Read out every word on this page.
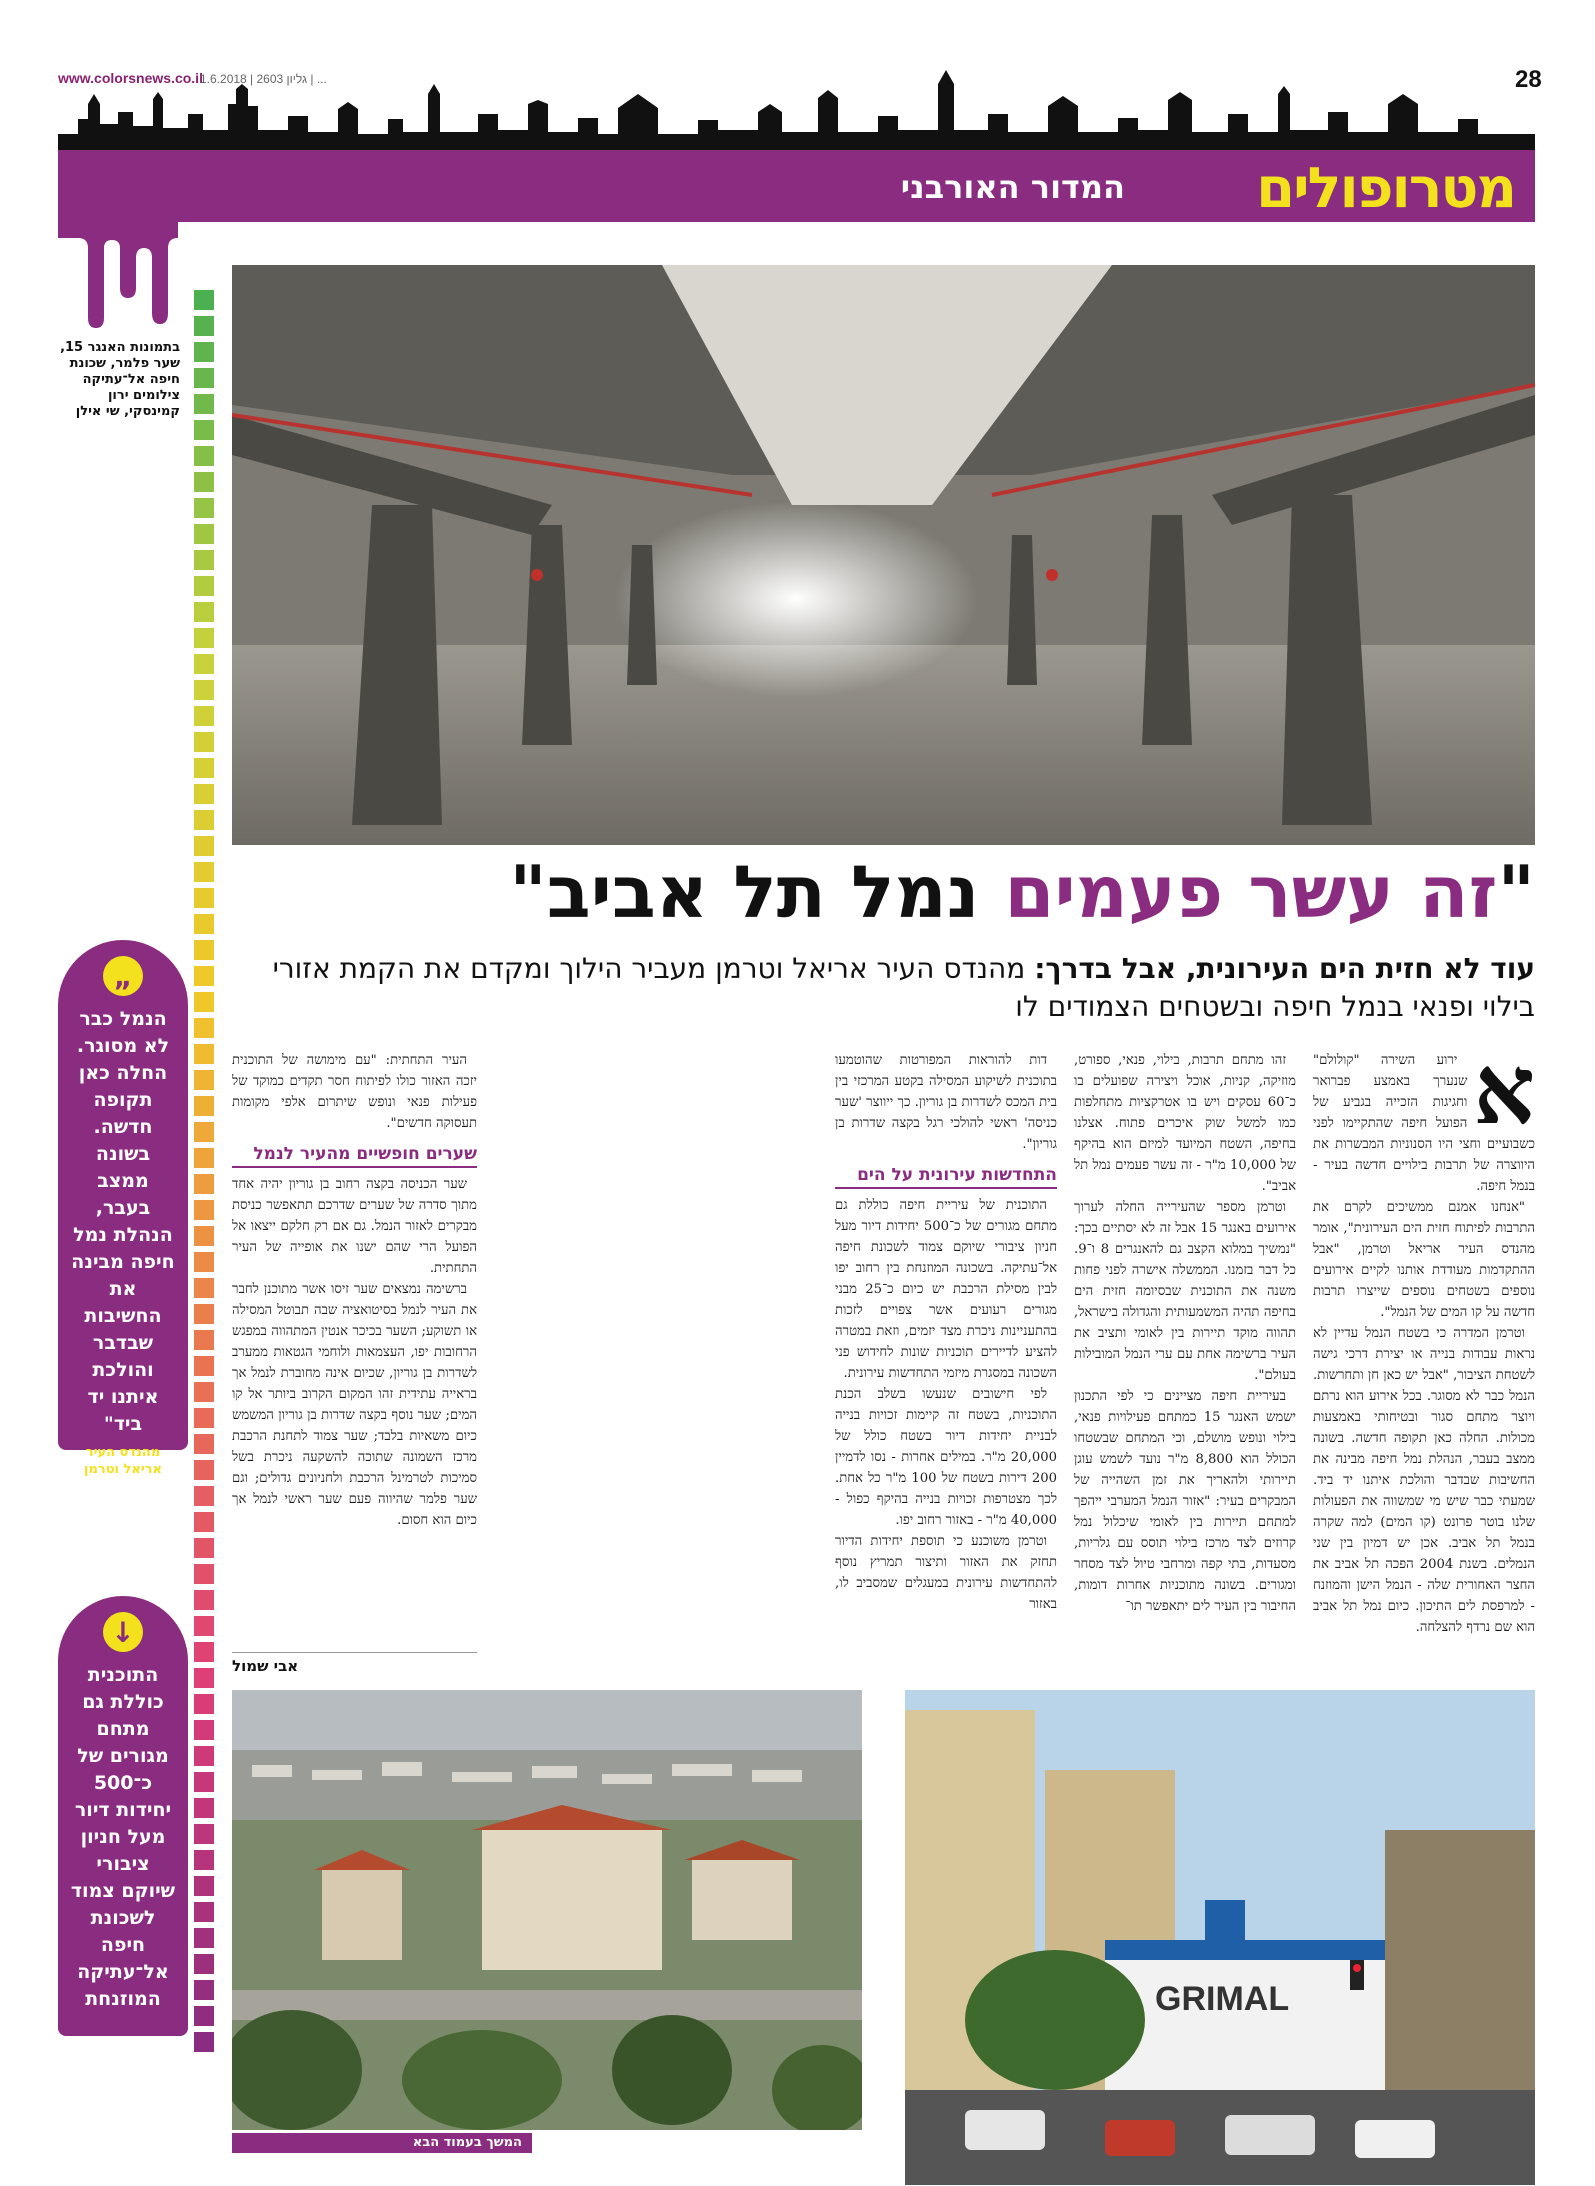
www.colorsnews.co.il
1.6.2018 | גליון 2603 | ...	28
מטרופולים
המדור האורבני
בתמונות האנגר 15, שער פלמר, שכונת חיפה אל־עתיקה צילומים ירון קמינסקי, שי אילן
"זה עשר פעמים נמל תל אביב"
עוד לא חזית הים העירונית, אבל בדרך: מהנדס העיר אריאל וטרמן מעביר הילוך ומקדם את הקמת אזורי בילוי ופנאי בנמל חיפה ובשטחים הצמודים לו
א

ירוע השירה "קולולם" שנערך באמצע פברואר וחגיגות הזכייה בגביע של הפועל חיפה שהתקיימו לפני כשבועיים וחצי היו הסנוניות המבשרות את היווצרה של תרבות בילויים חדשה בעיר - בנמל חיפה.

"אנחנו אמנם ממשיכים לקרם את התרבות לפיתוח חזית הים העירונית", אומר מהנדס העיר אריאל וטרמן, "אבל ההתקדמות מעודדת אותנו לקיים אירועים נוספים בשטחים נוספים שייצרו תרבות חדשה על קו המים של הנמל".

וטרמן המדרה כי בשטח הנמל עדיין לא נראות עבודות בנייה או יצירת דרכי גישה לשטחת הציבור, "אבל יש כאן חן ותחרשות. הנמל כבר לא מסוגר. בכל אירוע הוא נרתם ויוצר מתחם סגור ובטיחותי באמצעות מכולות. החלה כאן תקופה חדשה. בשונה ממצב בעבר, הנהלת נמל חיפה מבינה את החשיבות שבדבר והולכת איתנו יד ביד. שמעתי כבר שיש מי שמשווה את הפעולות שלנו בוטר פרונט (קו המים) למה שקרה בנמל תל אביב. אכן יש דמיון בין שני הנמלים. בשנת 2004 הפכה תל אביב את החצר האחורית שלה - הנמל הישן והמוזנח - למרפסת לים התיכון. כיום נמל תל אביב הוא שם נרדף להצלחה.

זהו מתחם תרבות, בילוי, פנאי, ספורט, מוזיקה, קניות, אוכל ויצירה שפועלים בו כ־60 עסקים ויש בו אטרקציות מתחלפות כמו למשל שוק איכרים פתוח. אצלנו בחיפה, השטח המיועד למיזם הוא בהיקף של 10,000 מ"ר - זה עשר פעמים נמל תל אביב".

וטרמן מספר שהעירייה החלה לערוך אירועים באנגר 15 אבל זה לא יסתיים בכך: "נמשיך במלוא הקצב גם להאנגרים 8 ו־9. כל דבר בזמנו. הממשלה אישרה לפני פחות משנה את התוכנית שבסיומה חזית הים בחיפה תהיה המשמעותית והגדולה בישראל, תהווה מוקד תיירות בין לאומי ותציב את העיר ברשימה אחת עם ערי הנמל המובילות בעולם".

בעיריית חיפה מציינים כי לפי התכנון ישמש האנגר 15 כמתחם פעילויות פנאי, בילוי ונופש מושלם, וכי המתחם שבשטחו הכולל הוא 8,800 מ"ר נועד לשמש עוגן תיירותי ולהאריך את זמן השהייה של המבקרים בעיר: "אזור הנמל המערבי ייהפך למתחם תיירות בין לאומי שיכלול נמל קרוזים לצד מרכז בילוי תוסס עם גלריות, מסעדות, בתי קפה ומרחבי טיול לצד מסחר ומגורים. בשונה מתוכניות אחרות דומות, החיבור בין העיר לים יתאפשר תו־

דות להוראות המפורטות שהוטמעו בתוכנית לשיקוע המסילה בקטע המרכזי בין בית המכס לשדרות בן גוריון. כך ייווצר 'שער כניסה' ראשי להולכי רגל בקצה שדרות בן גוריון".

התחדשות עירונית על הים

התוכנית של עיריית חיפה כוללת גם מתחם מגורים של כ־500 יחידות דיור מעל חניון ציבורי שיוקם צמוד לשכונת חיפה אל־עתיקה. בשכונה המוזנחת בין רחוב יפו לבין מסילת הרכבת יש כיום כ־25 מבני מגורים רעועים אשר צפויים לזכות בהתעניינות ניכרת מצד יזמים, וזאת במטרה להציע לדיירים תוכניות שונות לחידוש פני השכונה במסגרת מיזמי התחדשות עירונית.

לפי חישובים שנעשו בשלב הכנת התוכניות, בשטח זה קיימות זכויות בנייה לבניית יחידות דיור בשטח כולל של 20,000 מ"ר. במילים אחרות - נסו לדמיין 200 דירות בשטח של 100 מ"ר כל אחת. לכך מצטרפות זכויות בנייה בהיקף כפול - 40,000 מ"ר - באזור רחוב יפו.

וטרמן משוכנע כי תוספת יחידות הדיור תחזק את האזור ותיצור תמריץ נוסף להתחדשות עירונית במעגלים שמסביב לו, באזור

העיר התחתית: "עם מימושה של התוכנית יזכה האזור כולו לפיתוח חסר תקדים כמוקד של פעילות פנאי ונופש שיתרום אלפי מקומות תעסוקה חדשים".

שערים חופשיים מהעיר לנמל

שער הכניסה בקצה רחוב בן גוריון יהיה אחד מתוך סדרה של שערים שדרכם תתאפשר כניסת מבקרים לאזור הנמל. גם אם רק חלקם ייצאו אל הפועל הרי שהם ישנו את אופייה של העיר התחתית.

ברשימה נמצאים שער זיסו אשר מתוכנן לחבר את העיר לנמל בסיטואציה שבה תבוטל המסילה או תשוקע; השער בכיכר אנטין המתהווה במפגש הרחובות יפו, העצמאות ולוחמי הגטאות ממערב לשדרות בן גוריון, שכיום אינה מחוברת לנמל אך בראייה עתידית זהו המקום הקרוב ביותר אל קו המים; שער נוסף בקצה שדרות בן גוריון המשמש כיום משאיות בלבד; שער צמוד לתחנת הרכבת מרכז השמונה שתוכה להשקעה ניכרת בשל סמיכות לטרמינל הרכבת ולחניונים גדולים; וגם שער פלמר שהיווה פעם שער ראשי לנמל אך כיום הוא חסום.

אבי שמול
„
הנמל כבר לא מסוגר. החלה כאן תקופה חדשה. בשונה ממצב בעבר, הנהלת נמל חיפה מבינה את החשיבות שבדבר והולכת איתנו יד ביד"
מהנדס העיר אריאל וטרמן
↓
התוכנית כוללת גם מתחם מגורים של כ־500 יחידות דיור מעל חניון ציבורי שיוקם צמוד לשכונת חיפה אל־עתיקה המוזנחת	GRIMAL
המשך בעמוד הבא
